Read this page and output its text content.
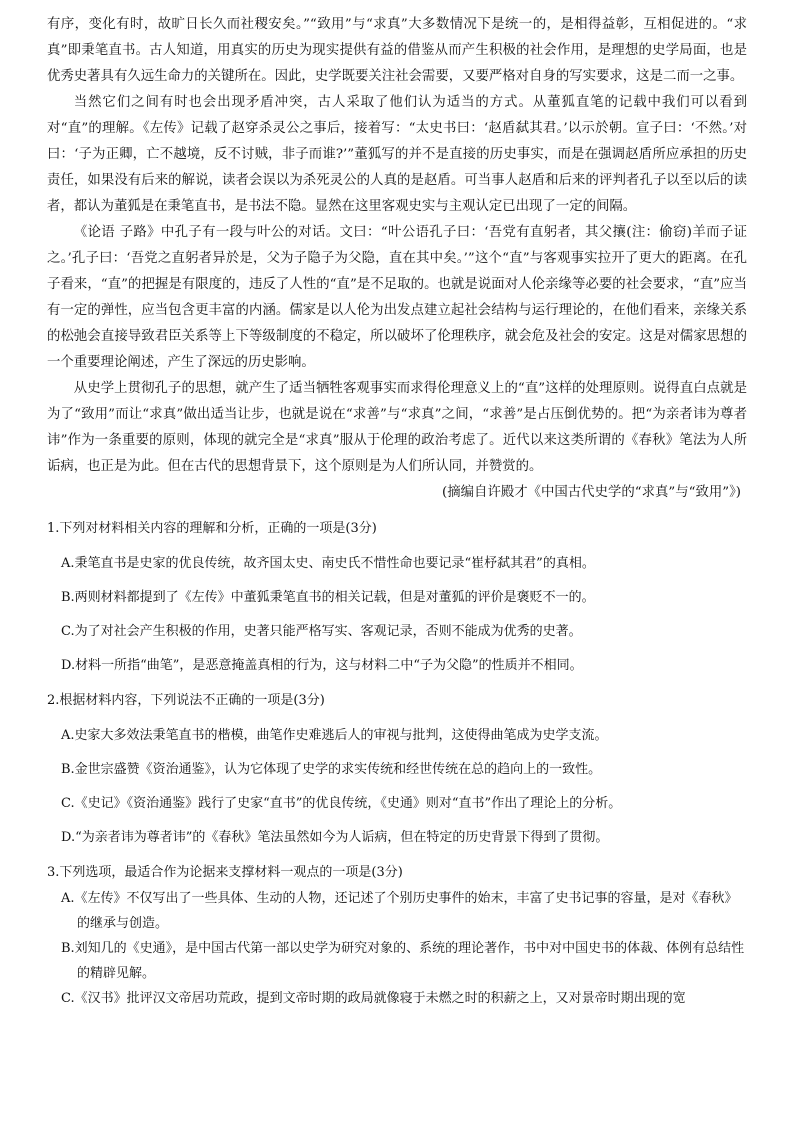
有序，变化有时，故旷日长久而社稷安矣。”“致用”与“求真”大多数情况下是统一的，是相得益彰，互相促进的。“求真”即秉笔直书。古人知道，用真实的历史为现实提供有益的借鉴从而产生积极的社会作用，是理想的史学局面，也是优秀史著具有久远生命力的关键所在。因此，史学既要关注社会需要，又要严格对自身的写实要求，这是二而一之事。

当然它们之间有时也会出现矛盾冲突，古人采取了他们认为适当的方式。从董狐直笔的记载中我们可以看到对“直”的理解。《左传》记载了赵穿杀灵公之事后，接着写：“太史书曰：‘赵盾弑其君。’以示於朝。宣子曰：‘不然。’对曰：‘子为正卿，亡不越境，反不讨贼，非子而谁?’”董狐写的并不是直接的历史事实，而是在强调赵盾所应承担的历史责任，如果没有后来的解说，读者会误以为杀死灵公的人真的是赵盾。可当事人赵盾和后来的评判者孔子以至以后的读者，都认为董狐是在秉笔直书，是书法不隐。显然在这里客观史实与主观认定已出现了一定的间隔。

《论语 子路》中孔子有一段与叶公的对话。文曰：“叶公语孔子曰：‘吾党有直躬者，其父攘(注：偷窃)羊而子证之。’孔子曰：‘吾党之直躬者异於是，父为子隐子为父隐，直在其中矣。’”这个“直”与客观事实拉开了更大的距离。在孔子看来，“直”的把握是有限度的，违反了人性的“直”是不足取的。也就是说面对人伦亲缘等必要的社会要求，“直”应当有一定的弹性，应当包含更丰富的内涵。儒家是以人伦为出发点建立起社会结构与运行理论的，在他们看来，亲缘关系的松弛会直接导致君臣关系等上下等级制度的不稳定，所以破坏了伦理秩序，就会危及社会的安定。这是对儒家思想的一个重要理论阐述，产生了深远的历史影响。

从史学上贯彻孔子的思想，就产生了适当牺牲客观事实而求得伦理意义上的“直”这样的处理原则。说得直白点就是为了“致用”而让“求真”做出适当让步，也就是说在“求善”与“求真”之间，“求善”是占压倒优势的。把“为亲者讳为尊者讳”作为一条重要的原则，体现的就完全是“求真”服从于伦理的政治考虑了。近代以来这类所谓的《春秋》笔法为人所诟病，也正是为此。但在古代的思想背景下，这个原则是为人们所认同，并赞赏的。

(摘编自许殿才《中国古代史学的“求真”与“致用”》)

1.下列对材料相关内容的理解和分析，正确的一项是(3分)

A.秉笔直书是史家的优良传统，故齐国太史、南史氏不惜性命也要记录“崔杼弑其君”的真相。

B.两则材料都提到了《左传》中董狐秉笔直书的相关记载，但是对董狐的评价是褒贬不一的。

C.为了对社会产生积极的作用，史著只能严格写实、客观记录，否则不能成为优秀的史著。

D.材料一所指“曲笔”，是恶意掩盖真相的行为，这与材料二中“子为父隐”的性质并不相同。

2.根据材料内容，下列说法不正确的一项是(3分)

A.史家大多效法秉笔直书的楷模，曲笔作史难逃后人的审视与批判，这使得曲笔成为史学支流。

B.金世宗盛赞《资治通鉴》，认为它体现了史学的求实传统和经世传统在总的趋向上的一致性。

C.《史记》《资治通鉴》践行了史家“直书”的优良传统，《史通》则对“直书”作出了理论上的分析。

D.“为亲者讳为尊者讳”的《春秋》笔法虽然如今为人诟病，但在特定的历史背景下得到了贯彻。

3.下列选项，最适合作为论据来支撑材料一观点的一项是(3分)

A.《左传》不仅写出了一些具体、生动的人物，还记述了个别历史事件的始末，丰富了史书记事的容量，是对《春秋》的继承与创造。

B.刘知几的《史通》，是中国古代第一部以史学为研究对象的、系统的理论著作，书中对中国史书的体裁、体例有总结性的精辟见解。

C.《汉书》批评汉文帝居功荒政，提到文帝时期的政局就像寝于未燃之时的积薪之上，又对景帝时期出现的宽
